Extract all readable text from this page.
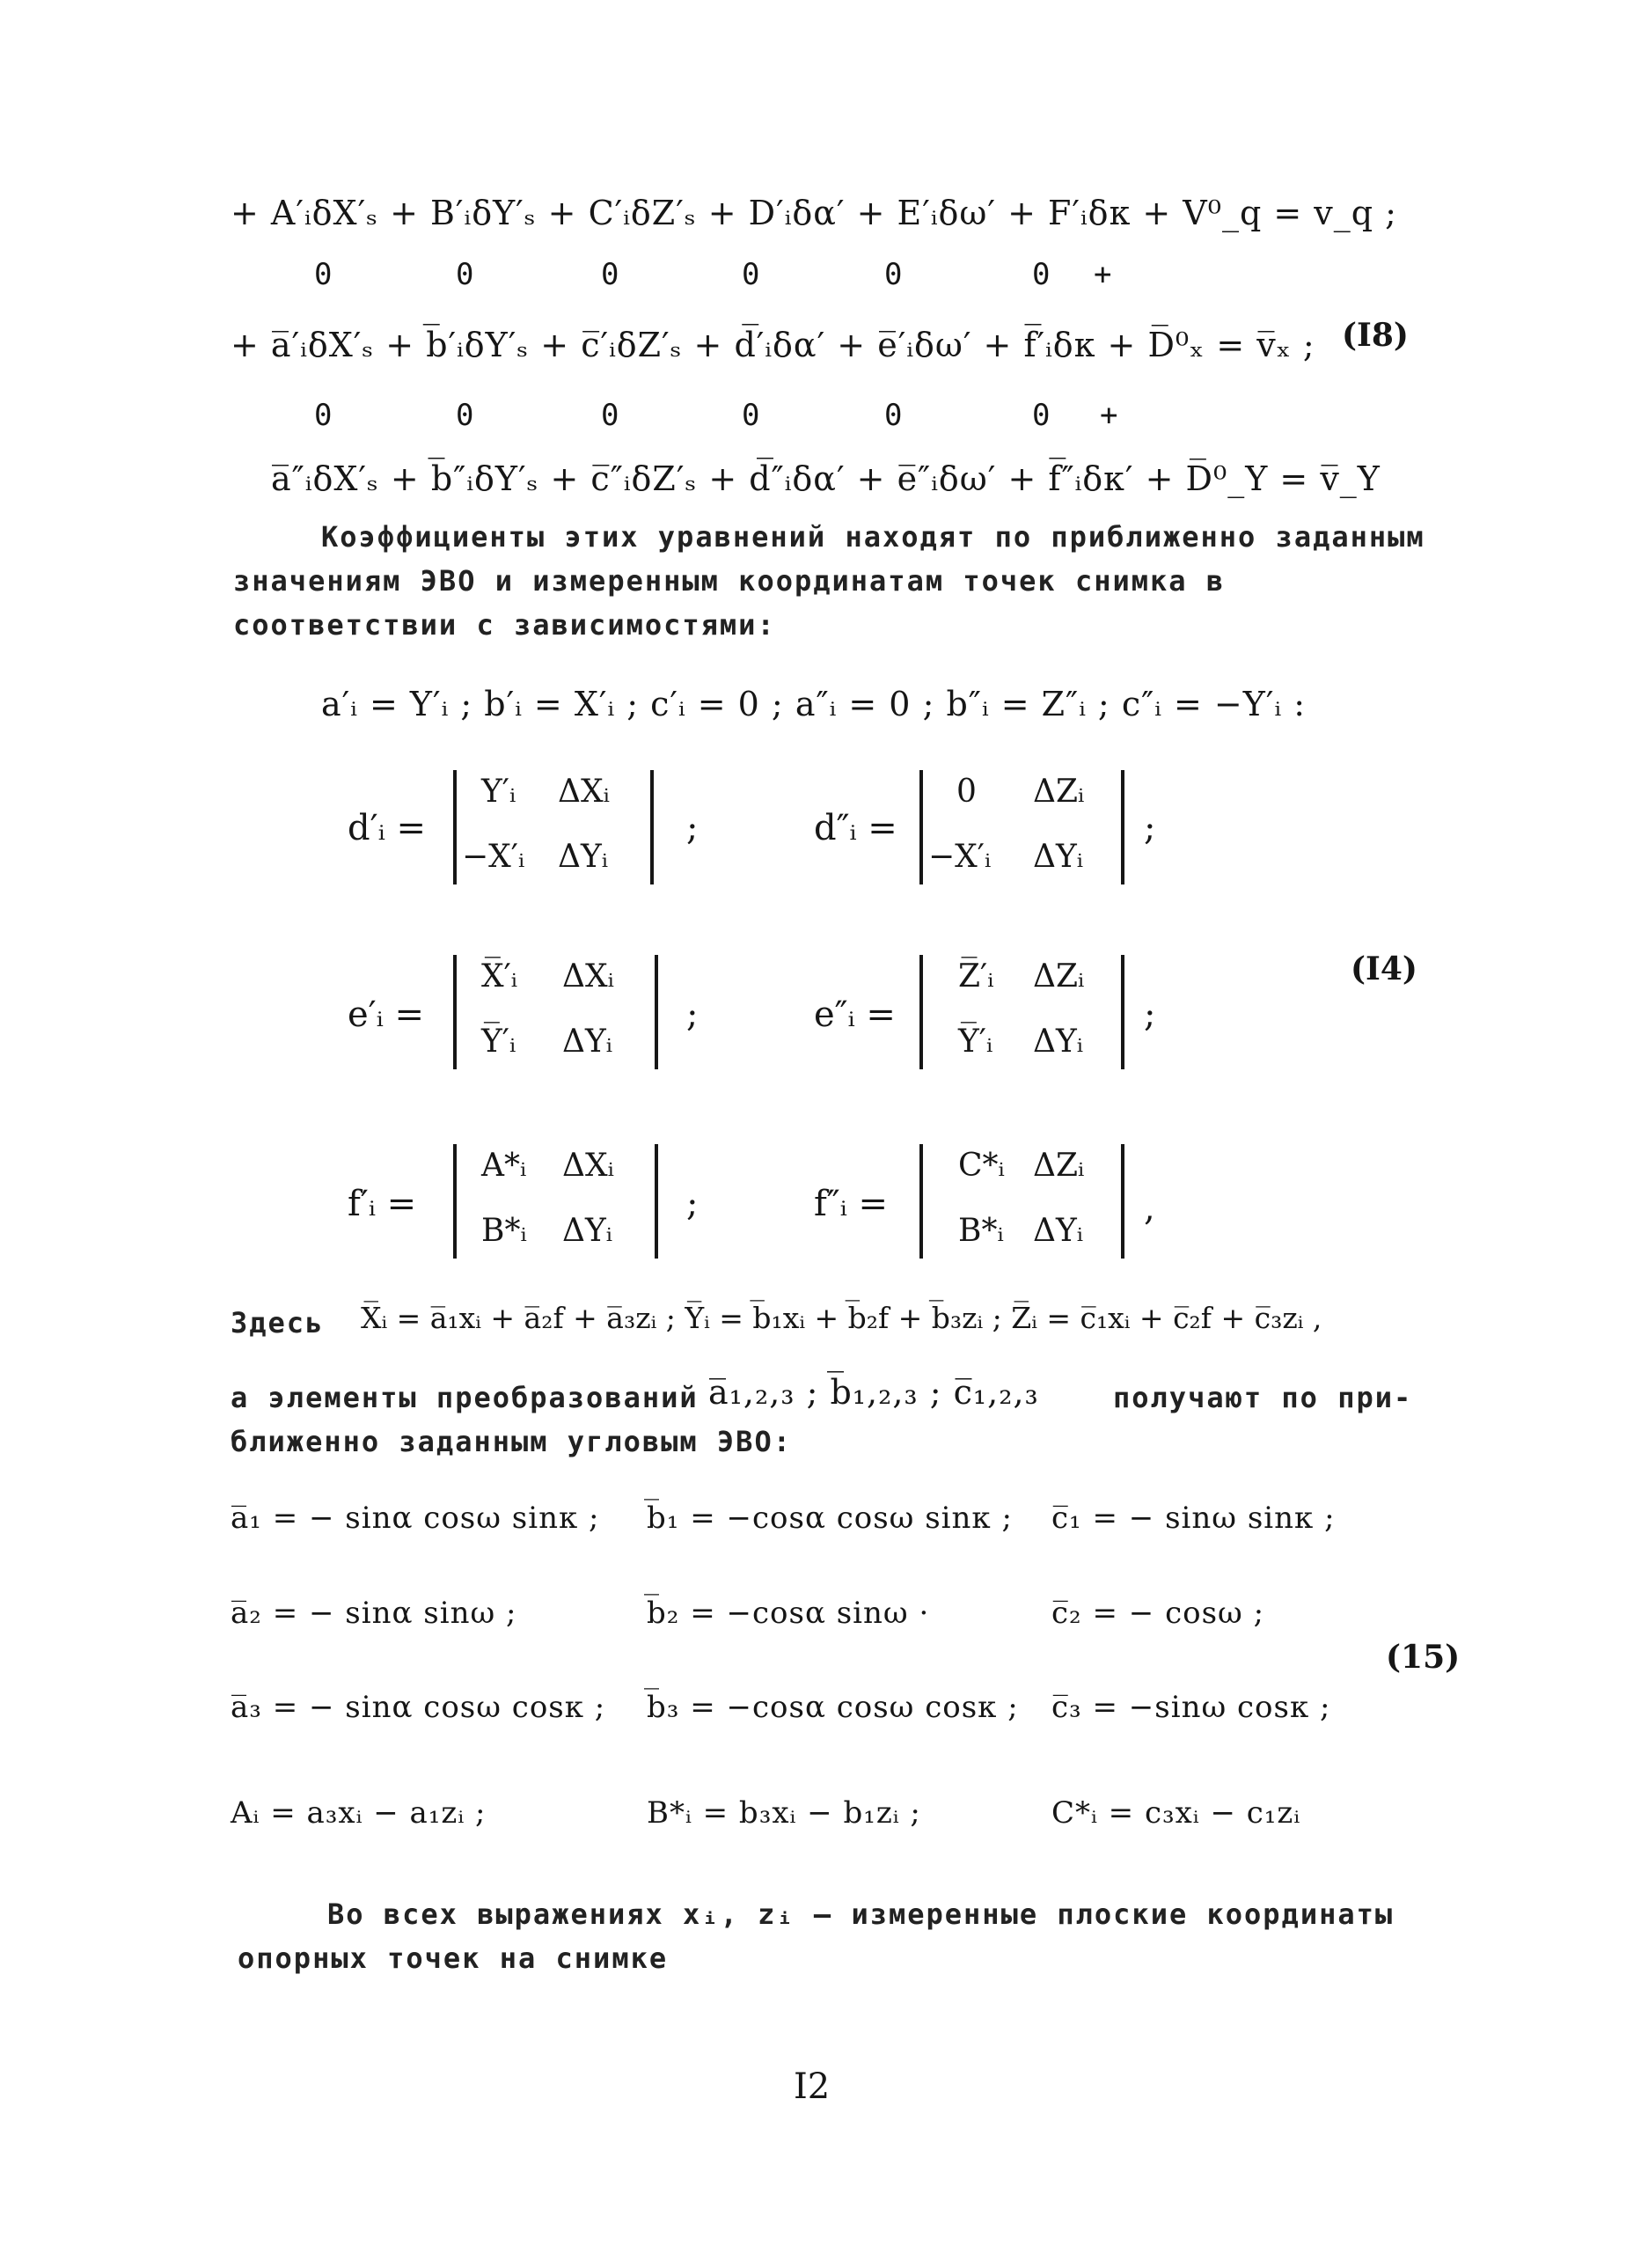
+ A′ᵢδX′ₛ + B′ᵢδY′ₛ + C′ᵢδZ′ₛ + D′ᵢδα′ + E′ᵢδω′ + F′ᵢδκ + V⁰_q = v_q ;
0	0	0	0	0	0 +
+ a̅′ᵢδX′ₛ + b̅′ᵢδY′ₛ + c̅′ᵢδZ′ₛ + d̅′ᵢδα′ + e̅′ᵢδω′ + f̅′ᵢδκ + D̅⁰ₓ = v̅ₓ ; (I8)
0	0	0	0	0	0 +
a̅″ᵢδX′ₛ + b̅″ᵢδY′ₛ + c̅″ᵢδZ′ₛ + d̅″ᵢδα′ + e̅″ᵢδω′ + f̅″ᵢδκ′ + D̅⁰_Y = v̅_Y
Коэффициенты этих уравнений находят по приближенно заданным значениям ЭВО и измеренным координатам точек снимка в соответствии с зависимостями:
a′ᵢ = Y′ᵢ ; b′ᵢ = X′ᵢ ; c′ᵢ = 0 ; a″ᵢ = 0 ; b″ᵢ = Z″ᵢ ; c″ᵢ = −Y′ᵢ :
d′ᵢ =
Y′ᵢ ΔXᵢ
−X′ᵢ ΔYᵢ
;	d″ᵢ =
0 ΔZᵢ
−X′ᵢ ΔYᵢ
;
(I4)
e′ᵢ =
X̅′ᵢ ΔXᵢ
Y̅′ᵢ ΔYᵢ
;	e″ᵢ =
Z̅′ᵢ ΔZᵢ
Y̅′ᵢ ΔYᵢ
;
f′ᵢ =
A*ᵢ ΔXᵢ
B*ᵢ ΔYᵢ
;	f″ᵢ =
C*ᵢ ΔZᵢ
B*ᵢ ΔYᵢ
,
Здесь X̅ᵢ = a̅₁xᵢ + a̅₂f + a̅₃zᵢ ; Y̅ᵢ = b̅₁xᵢ + b̅₂f + b̅₃zᵢ ; Z̅ᵢ = c̅₁xᵢ + c̅₂f + c̅₃zᵢ ,
а элементы преобразований a̅₁,₂,₃ ; b̅₁,₂,₃ ; c̅₁,₂,₃	получают по при-
ближенно заданным угловым ЭВО:
a̅₁ = − sinα cosω sinκ ; b̅₁ = −cosα cosω sinκ ; c̅₁ = − sinω sinκ ;
a̅₂ = − sinα sinω ;	b̅₂ = −cosα sinω ·	c̅₂ = − cosω ;
(15)
a̅₃ = − sinα cosω cosκ ; b̅₃ = −cosα cosω cosκ ; c̅₃ = −sinω cosκ ;
Aᵢ = a₃xᵢ − a₁zᵢ ;	B*ᵢ = b₃xᵢ − b₁zᵢ ;	C*ᵢ = c₃xᵢ − c₁zᵢ
Во всех выражениях xᵢ, zᵢ – измеренные плоские координаты
опорных точек на снимке
I2
